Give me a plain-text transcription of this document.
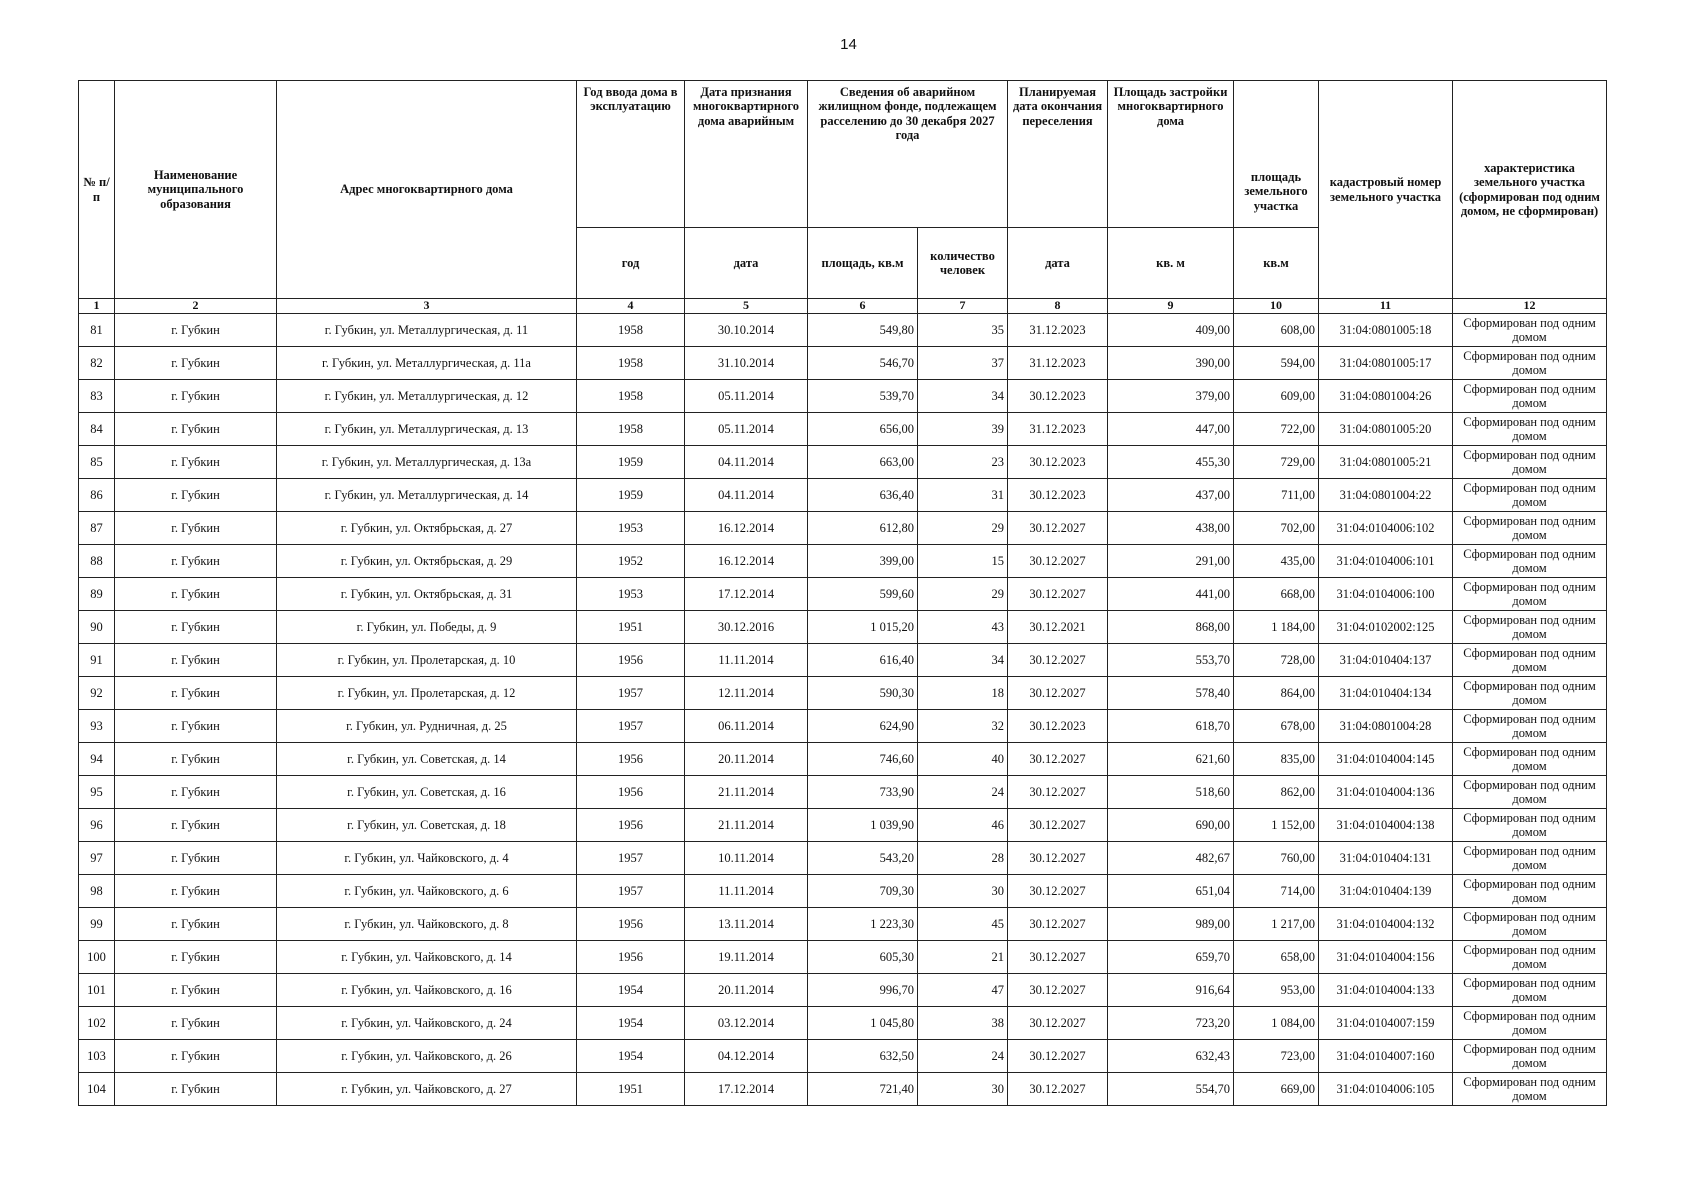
14
№ п/п	Наименование муниципального образования	Адрес многоквартирного дома	Год ввода дома в эксплуатацию	Дата признания многоквартирного дома аварийным	Сведения об аварийном жилищном фонде, подлежащем расселению до 30 декабря 2027 года		Планируемая дата окончания переселения	Площадь застройки многоквартирного дома	площадь земельного участка	кадастровый номер земельного участка	характеристика земельного участка (сформирован под одним домом, не сформирован)
			год	дата	площадь, кв.м	количество человек	дата	кв. м	кв.м		
1	2	3	4	5	6	7	8	9	10	11	12
81	г. Губкин	г. Губкин, ул. Металлургическая, д. 11	1958	30.10.2014	549,80	35	31.12.2023	409,00	608,00	31:04:0801005:18	Сформирован под одним домом
82	г. Губкин	г. Губкин, ул. Металлургическая, д. 11а	1958	31.10.2014	546,70	37	31.12.2023	390,00	594,00	31:04:0801005:17	Сформирован под одним домом
83	г. Губкин	г. Губкин, ул. Металлургическая, д. 12	1958	05.11.2014	539,70	34	30.12.2023	379,00	609,00	31:04:0801004:26	Сформирован под одним домом
84	г. Губкин	г. Губкин, ул. Металлургическая, д. 13	1958	05.11.2014	656,00	39	31.12.2023	447,00	722,00	31:04:0801005:20	Сформирован под одним домом
85	г. Губкин	г. Губкин, ул. Металлургическая, д. 13а	1959	04.11.2014	663,00	23	30.12.2023	455,30	729,00	31:04:0801005:21	Сформирован под одним домом
86	г. Губкин	г. Губкин, ул. Металлургическая, д. 14	1959	04.11.2014	636,40	31	30.12.2023	437,00	711,00	31:04:0801004:22	Сформирован под одним домом
87	г. Губкин	г. Губкин, ул. Октябрьская, д. 27	1953	16.12.2014	612,80	29	30.12.2027	438,00	702,00	31:04:0104006:102	Сформирован под одним домом
88	г. Губкин	г. Губкин, ул. Октябрьская, д. 29	1952	16.12.2014	399,00	15	30.12.2027	291,00	435,00	31:04:0104006:101	Сформирован под одним домом
89	г. Губкин	г. Губкин, ул. Октябрьская, д. 31	1953	17.12.2014	599,60	29	30.12.2027	441,00	668,00	31:04:0104006:100	Сформирован под одним домом
90	г. Губкин	г. Губкин, ул. Победы, д. 9	1951	30.12.2016	1 015,20	43	30.12.2021	868,00	1 184,00	31:04:0102002:125	Сформирован под одним домом
91	г. Губкин	г. Губкин, ул. Пролетарская, д. 10	1956	11.11.2014	616,40	34	30.12.2027	553,70	728,00	31:04:010404:137	Сформирован под одним домом
92	г. Губкин	г. Губкин, ул. Пролетарская, д. 12	1957	12.11.2014	590,30	18	30.12.2027	578,40	864,00	31:04:010404:134	Сформирован под одним домом
93	г. Губкин	г. Губкин, ул. Рудничная, д. 25	1957	06.11.2014	624,90	32	30.12.2023	618,70	678,00	31:04:0801004:28	Сформирован под одним домом
94	г. Губкин	г. Губкин, ул. Советская, д. 14	1956	20.11.2014	746,60	40	30.12.2027	621,60	835,00	31:04:0104004:145	Сформирован под одним домом
95	г. Губкин	г. Губкин, ул. Советская, д. 16	1956	21.11.2014	733,90	24	30.12.2027	518,60	862,00	31:04:0104004:136	Сформирован под одним домом
96	г. Губкин	г. Губкин, ул. Советская, д. 18	1956	21.11.2014	1 039,90	46	30.12.2027	690,00	1 152,00	31:04:0104004:138	Сформирован под одним домом
97	г. Губкин	г. Губкин, ул. Чайковского, д. 4	1957	10.11.2014	543,20	28	30.12.2027	482,67	760,00	31:04:010404:131	Сформирован под одним домом
98	г. Губкин	г. Губкин, ул. Чайковского, д. 6	1957	11.11.2014	709,30	30	30.12.2027	651,04	714,00	31:04:010404:139	Сформирован под одним домом
99	г. Губкин	г. Губкин, ул. Чайковского, д. 8	1956	13.11.2014	1 223,30	45	30.12.2027	989,00	1 217,00	31:04:0104004:132	Сформирован под одним домом
100	г. Губкин	г. Губкин, ул. Чайковского, д. 14	1956	19.11.2014	605,30	21	30.12.2027	659,70	658,00	31:04:0104004:156	Сформирован под одним домом
101	г. Губкин	г. Губкин, ул. Чайковского, д. 16	1954	20.11.2014	996,70	47	30.12.2027	916,64	953,00	31:04:0104004:133	Сформирован под одним домом
102	г. Губкин	г. Губкин, ул. Чайковского, д. 24	1954	03.12.2014	1 045,80	38	30.12.2027	723,20	1 084,00	31:04:0104007:159	Сформирован под одним домом
103	г. Губкин	г. Губкин, ул. Чайковского, д. 26	1954	04.12.2014	632,50	24	30.12.2027	632,43	723,00	31:04:0104007:160	Сформирован под одним домом
104	г. Губкин	г. Губкин, ул. Чайковского, д. 27	1951	17.12.2014	721,40	30	30.12.2027	554,70	669,00	31:04:0104006:105	Сформирован под одним домом
